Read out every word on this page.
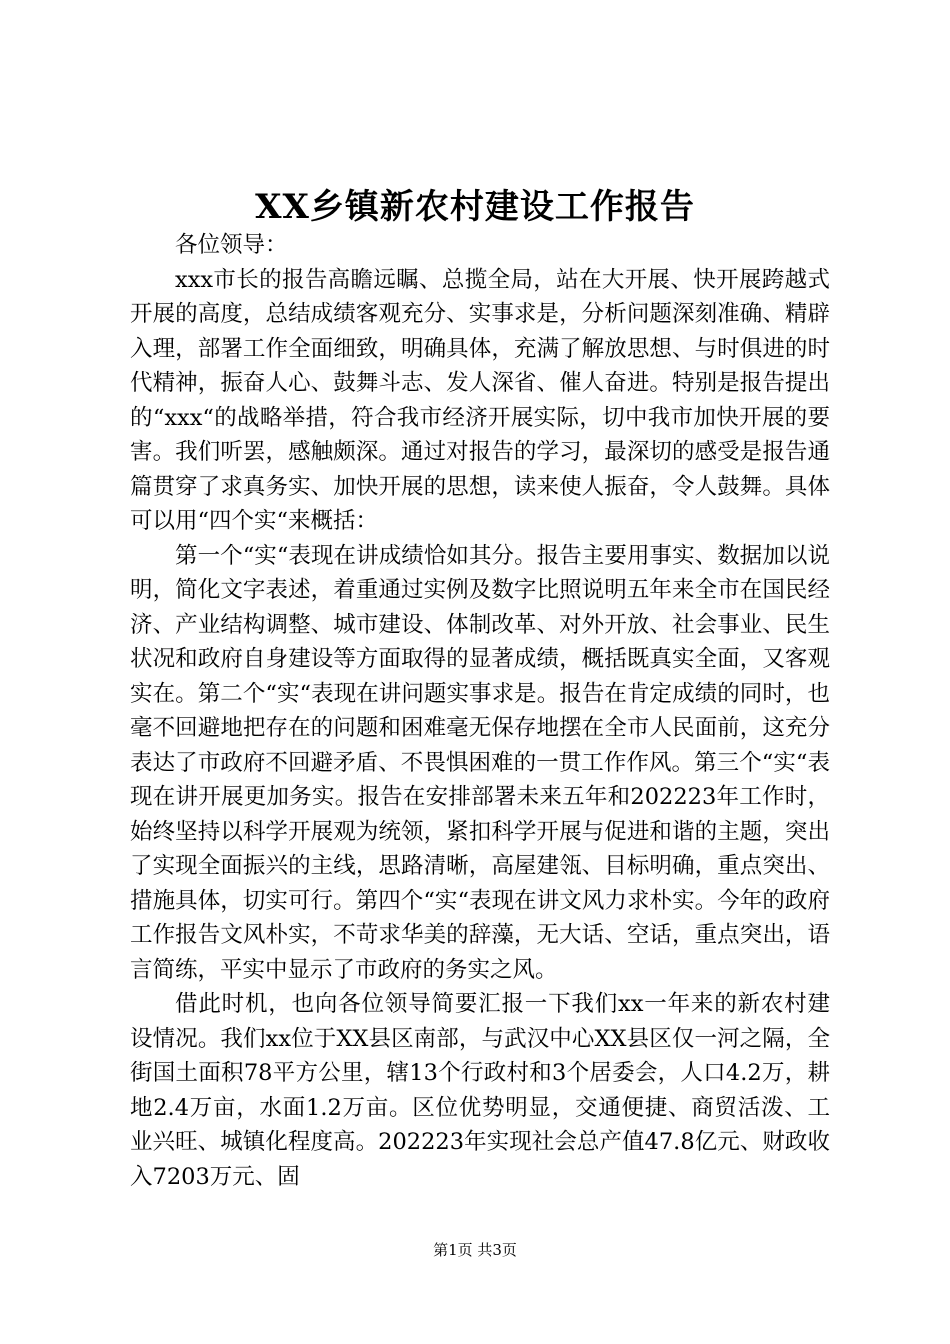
XX乡镇新农村建设工作报告

各位领导：

xxx市长的报告高瞻远瞩、总揽全局，站在大开展、快开展跨越式开展的高度，总结成绩客观充分、实事求是，分析问题深刻准确、精辟入理，部署工作全面细致，明确具体，充满了解放思想、与时俱进的时代精神，振奋人心、鼓舞斗志、发人深省、催人奋进。特别是报告提出的“xxx“的战略举措，符合我市经济开展实际，切中我市加快开展的要害。我们听罢，感触颇深。通过对报告的学习，最深切的感受是报告通篇贯穿了求真务实、加快开展的思想，读来使人振奋，令人鼓舞。具体可以用“四个实“来概括：

第一个“实“表现在讲成绩恰如其分。报告主要用事实、数据加以说明，简化文字表述，着重通过实例及数字比照说明五年来全市在国民经济、产业结构调整、城市建设、体制改革、对外开放、社会事业、民生状况和政府自身建设等方面取得的显著成绩，概括既真实全面，又客观实在。第二个“实“表现在讲问题实事求是。报告在肯定成绩的同时，也毫不回避地把存在的问题和困难毫无保存地摆在全市人民面前，这充分表达了市政府不回避矛盾、不畏惧困难的一贯工作作风。第三个“实“表现在讲开展更加务实。报告在安排部署未来五年和202223年工作时，始终坚持以科学开展观为统领，紧扣科学开展与促进和谐的主题，突出了实现全面振兴的主线，思路清晰，高屋建瓴、目标明确，重点突出、措施具体，切实可行。第四个“实“表现在讲文风力求朴实。今年的政府工作报告文风朴实，不苛求华美的辞藻，无大话、空话，重点突出，语言简练，平实中显示了市政府的务实之风。

借此时机，也向各位领导简要汇报一下我们xx一年来的新农村建设情况。我们xx位于XX县区南部，与武汉中心XX县区仅一河之隔，全街国土面积78平方公里，辖13个行政村和3个居委会，人口4.2万，耕地2.4万亩，水面1.2万亩。区位优势明显，交通便捷、商贸活泼、工业兴旺、城镇化程度高。202223年实现社会总产值47.8亿元、财政收入7203万元、固

第1页 共3页
